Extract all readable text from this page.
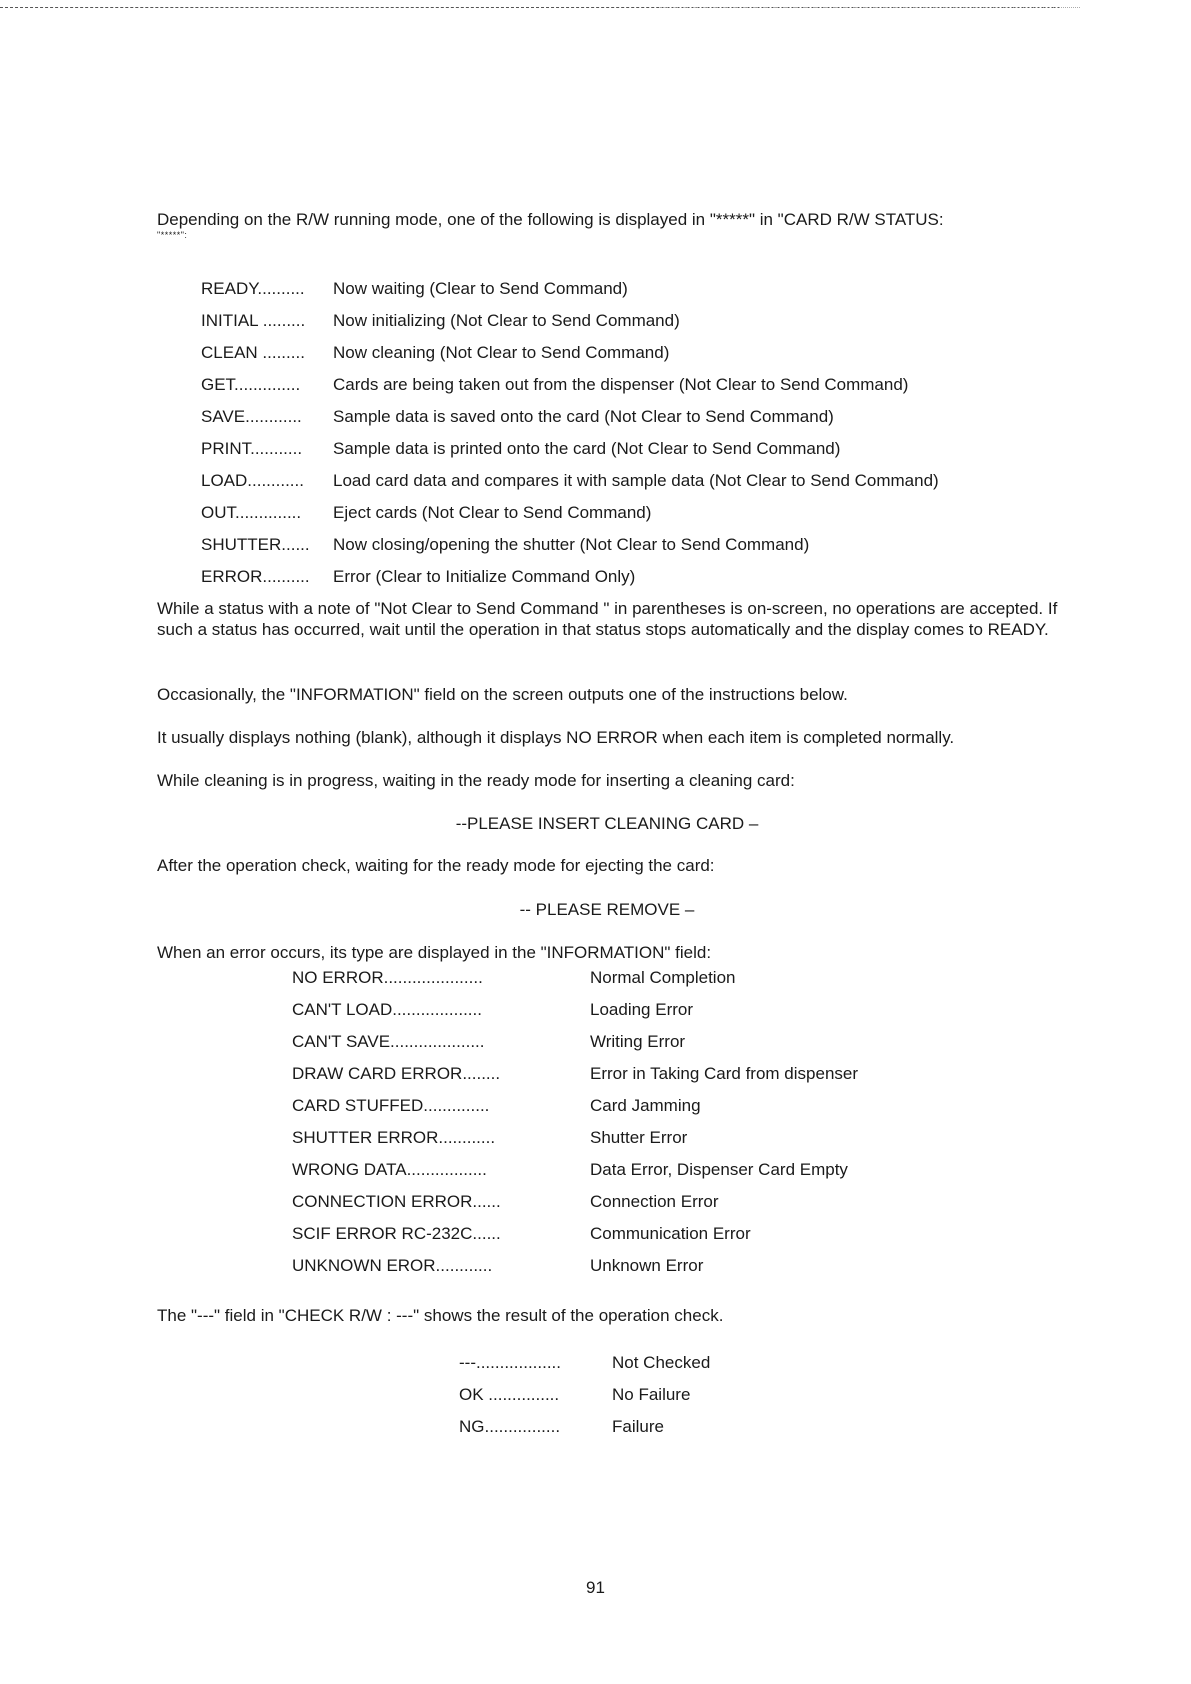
Depending on the R/W running mode, one of the following is displayed in "*****" in "CARD R/W STATUS:

"*****":
READY.......... Now waiting (Clear to Send Command)
INITIAL ......... Now initializing (Not Clear to Send Command)
CLEAN ......... Now cleaning (Not Clear to Send Command)
GET.............. Cards are being taken out from the dispenser (Not Clear to Send Command)
SAVE............ Sample data is saved onto the card (Not Clear to Send Command)
PRINT........... Sample data is printed onto the card (Not Clear to Send Command)
LOAD............ Load card data and compares it with sample data (Not Clear to Send Command)
OUT.............. Eject cards (Not Clear to Send Command)
SHUTTER...... Now closing/opening the shutter (Not Clear to Send Command)
ERROR.......... Error (Clear to Initialize Command Only)

While a status with a note of "Not Clear to Send Command " in parentheses is on-screen, no operations are accepted. If such a status has occurred, wait until the operation in that status stops automatically and the display comes to READY.

Occasionally, the "INFORMATION" field on the screen outputs one of the instructions below.

It usually displays nothing (blank), although it displays NO ERROR when each item is completed normally.

While cleaning is in progress, waiting in the ready mode for inserting a cleaning card:

--PLEASE INSERT CLEANING CARD –

After the operation check, waiting for the ready mode for ejecting the card:

-- PLEASE REMOVE –

When an error occurs, its type are displayed in the "INFORMATION" field:

NO ERROR.....................	Normal Completion
CAN'T LOAD...................	Loading Error
CAN'T SAVE....................	Writing Error
DRAW CARD ERROR........	Error in Taking Card from dispenser
CARD STUFFED..............	Card Jamming
SHUTTER ERROR............	Shutter Error
WRONG DATA.................	Data Error, Dispenser Card Empty
CONNECTION ERROR......	Connection Error
SCIF ERROR RC-232C......	Communication Error
UNKNOWN EROR............	Unknown Error

The "---" field in "CHECK R/W : ---" shows the result of the operation check.

---..................	Not Checked
OK ...............	No Failure
NG................	Failure
91
